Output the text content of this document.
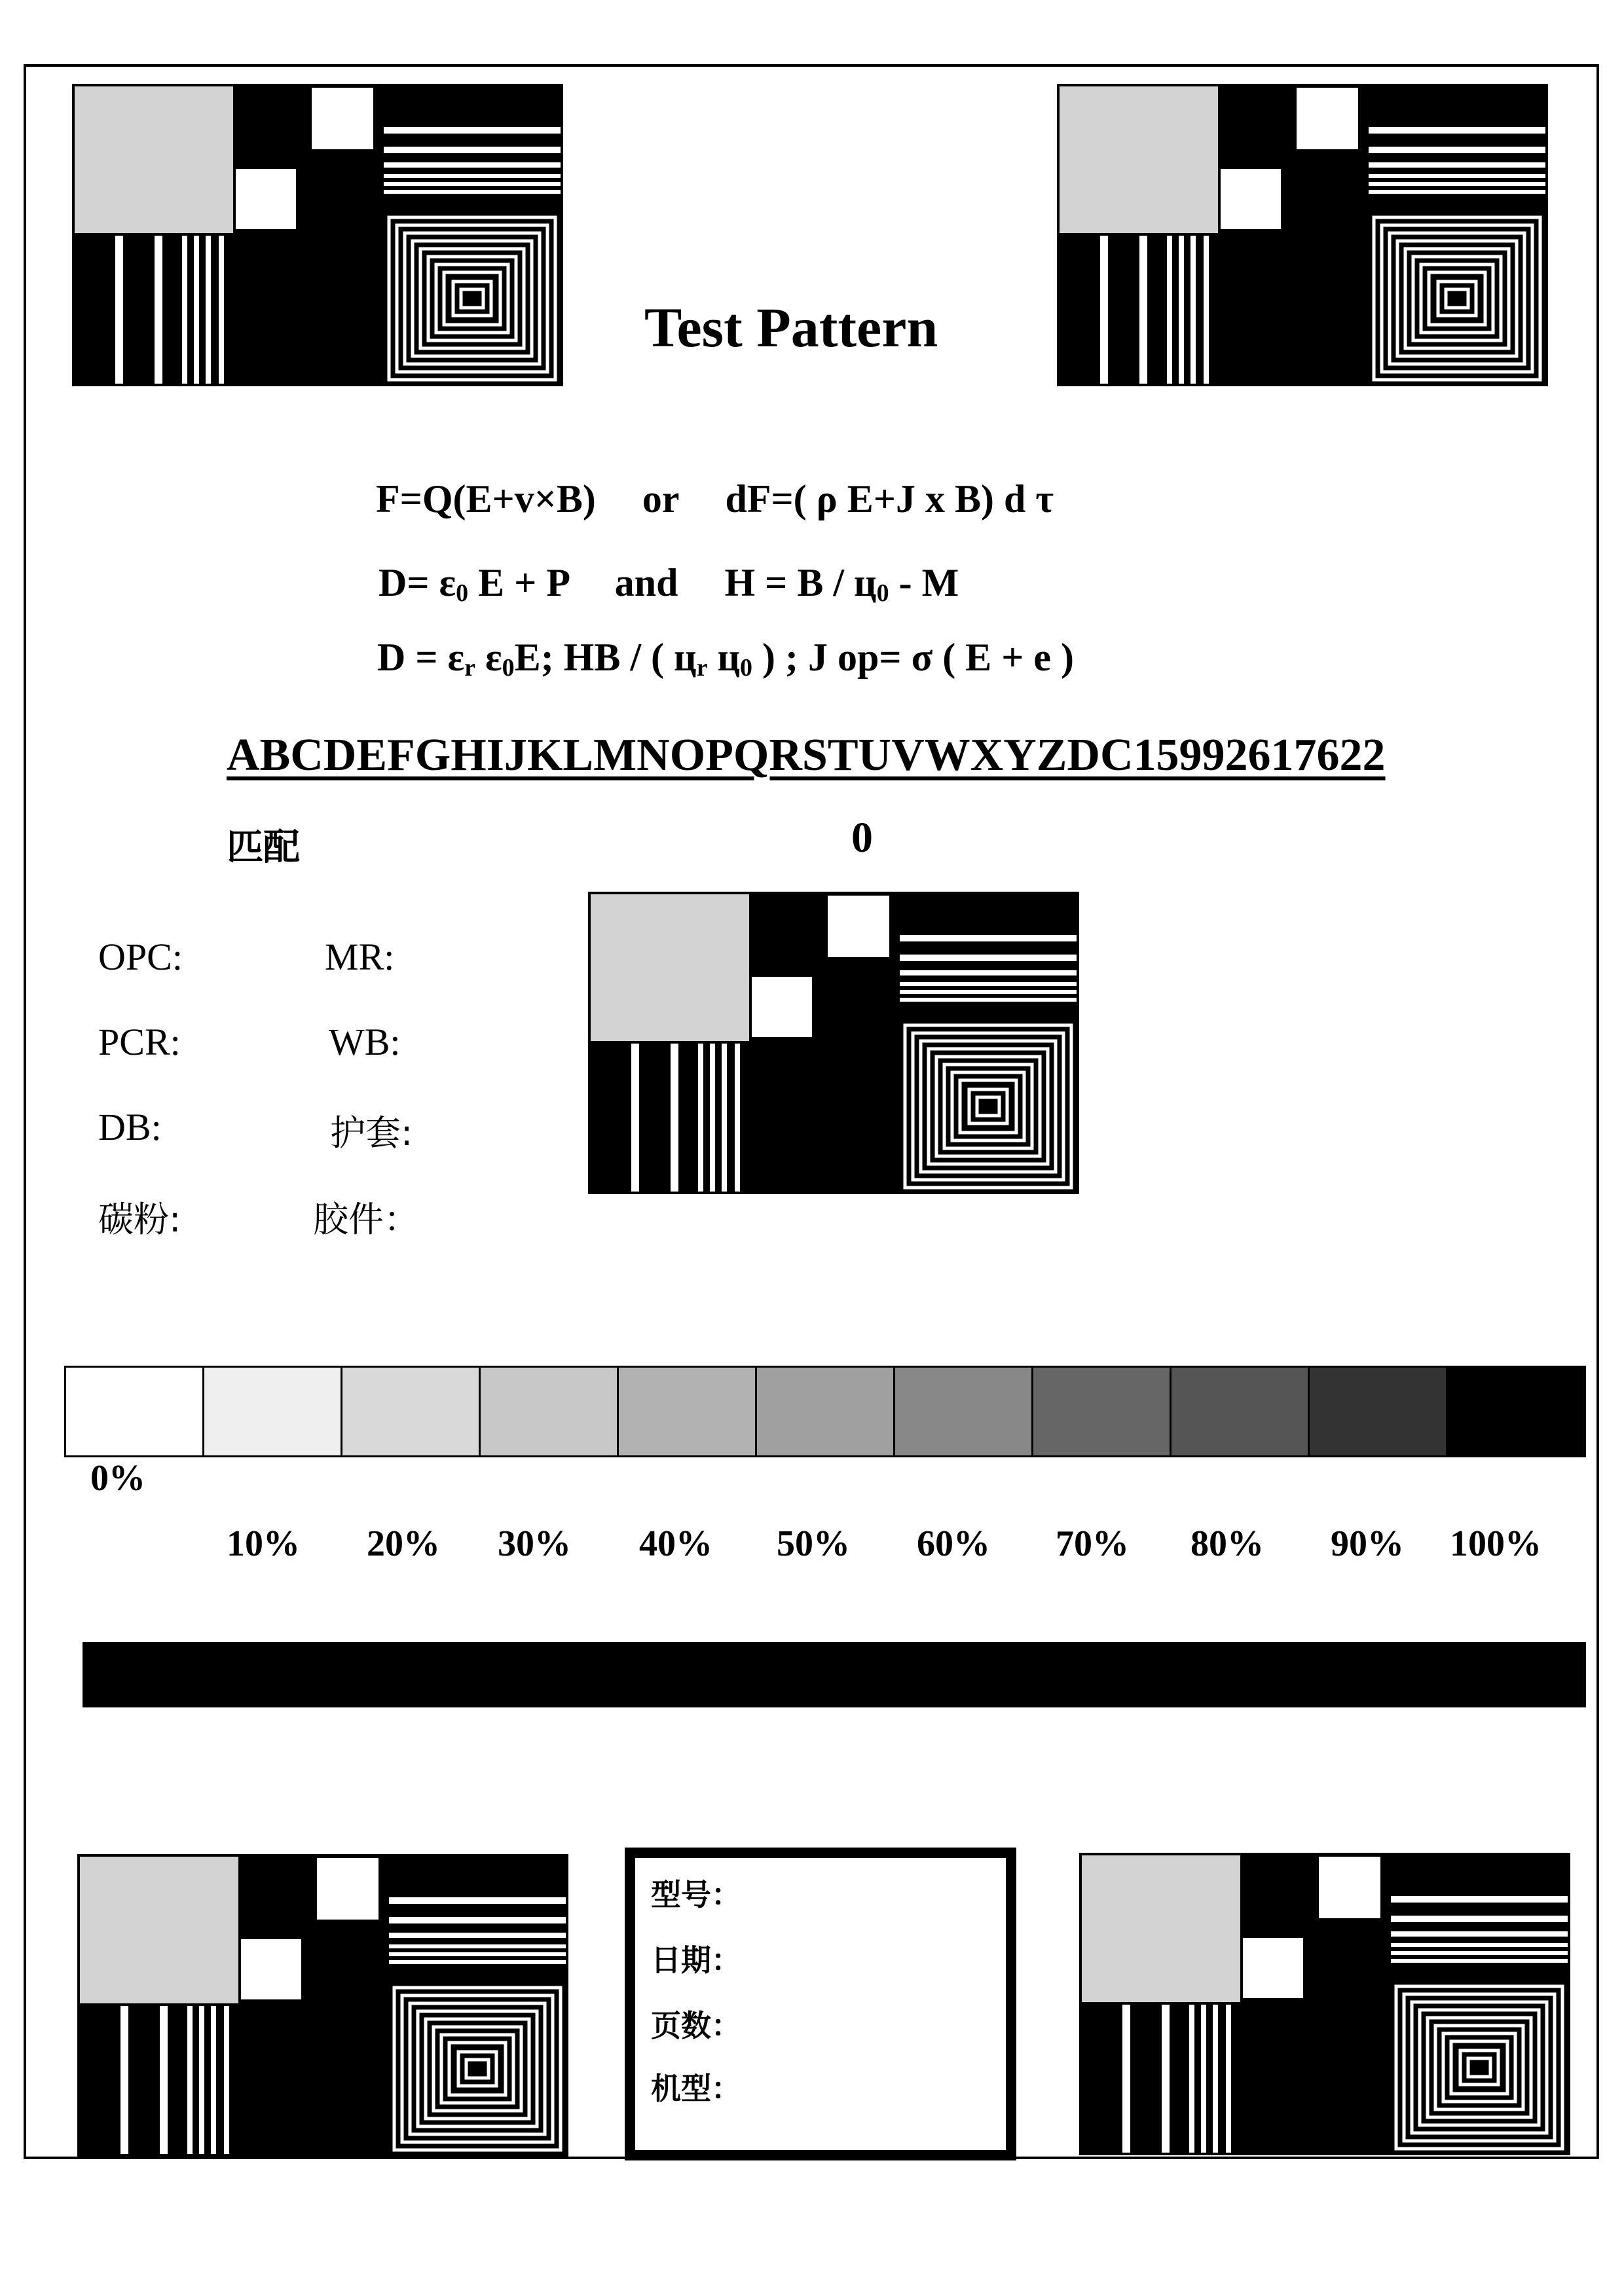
Test Pattern
F=Q(E+v×B) or dF=( ρ E+J x B) d τ
$D= \varepsilon_0$ E + P and $H = B / ц_0 - M$
$D = \varepsilon_r$ $\varepsilon_0E$; HB / ( $ц_r$ $ц_0$ ) ; J op= σ ( E + e )
ABCDEFGHIJKLMNOPQRSTUVWXYZDC15992617622
匹配	0
OPC:	MR:
PCR:	WB:
DB:	护套:
碳粉:	胶件：
0%
10% 20% 30% 40% 50% 60% 70% 80% 90% 100%
型号：
日期：
页数：
机型：
